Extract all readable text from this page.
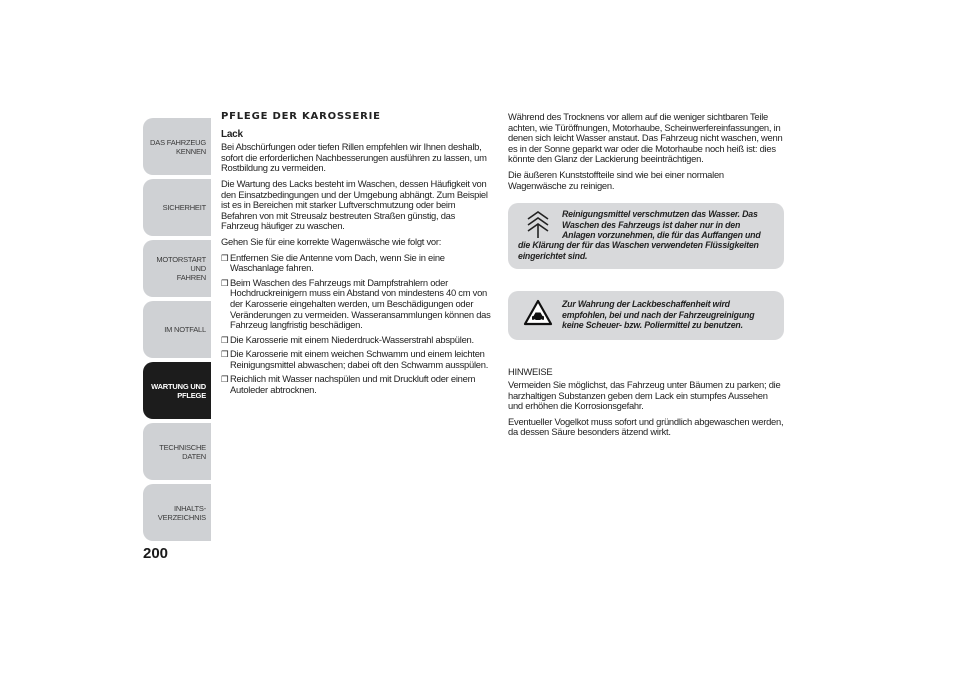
DAS FAHRZEUG
KENNEN
SICHERHEIT
MOTORSTART UND
FAHREN
IM NOTFALL
WARTUNG UND
PFLEGE
TECHNISCHE DATEN
INHALTS-
VERZEICHNIS
200
PFLEGE DER KAROSSERIE
Lack

Bei Abschürfungen oder tiefen Rillen empfehlen wir Ihnen deshalb, sofort die erforderlichen Nachbesserungen ausführen zu lassen, um Rostbildung zu vermeiden.

Die Wartung des Lacks besteht im Waschen, dessen Häufigkeit von den Einsatzbedingungen und der Umgebung abhängt. Zum Beispiel ist es in Bereichen mit starker Luftverschmutzung oder beim Befahren von mit Streusalz bestreuten Straßen günstig, das Fahrzeug häufiger zu waschen.

Gehen Sie für eine korrekte Wagenwäsche wie folgt vor:

❒ Entfernen Sie die Antenne vom Dach, wenn Sie in eine Waschanlage fahren.
❒ Beim Waschen des Fahrzeugs mit Dampfstrahlern oder Hochdruckreinigern muss ein Abstand von mindestens 40 cm von der Karosserie eingehalten werden, um Beschädigungen oder Veränderungen zu vermeiden. Wasseransammlungen können das Fahrzeug langfristig beschädigen.
❒ Die Karosserie mit einem Niederdruck-Wasserstrahl abspülen.
❒ Die Karosserie mit einem weichen Schwamm und einem leichten Reinigungsmittel abwaschen; dabei oft den Schwamm ausspülen.
❒ Reichlich mit Wasser nachspülen und mit Druckluft oder einem Autoleder abtrocknen.

Während des Trocknens vor allem auf die weniger sichtbaren Teile achten, wie Türöffnungen, Motorhaube, Scheinwerfereinfassungen, in denen sich leicht Wasser anstaut. Das Fahrzeug nicht waschen, wenn es in der Sonne geparkt war oder die Motorhaube noch heiß ist: dies könnte den Glanz der Lackierung beeinträchtigen.

Die äußeren Kunststoffteile sind wie bei einer normalen Wagenwäsche zu reinigen.

Reinigungsmittel verschmutzen das Wasser. Das Waschen des Fahrzeugs ist daher nur in den Anlagen vorzunehmen, die für das Auffangen und die Klärung der für das Waschen verwendeten Flüssigkeiten eingerichtet sind.
Zur Wahrung der Lackbeschaffenheit wird empfohlen, bei und nach der Fahrzeugreinigung keine Scheuer- bzw. Poliermittel zu benutzen.

HINWEISE

Vermeiden Sie möglichst, das Fahrzeug unter Bäumen zu parken; die harzhaltigen Substanzen geben dem Lack ein stumpfes Aussehen und erhöhen die Korrosionsgefahr.

Eventueller Vogelkot muss sofort und gründlich abgewaschen werden, da dessen Säure besonders ätzend wirkt.
